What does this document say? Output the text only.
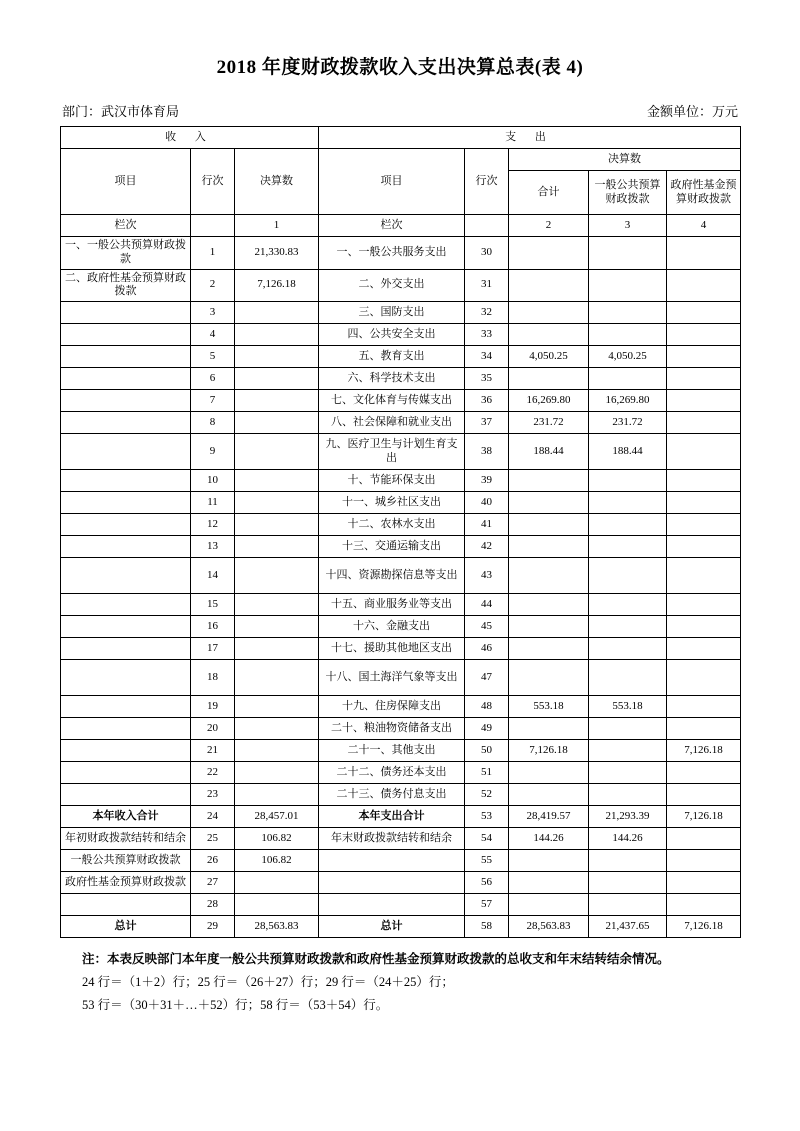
2018 年度财政拨款收入支出决算总表(表 4)
部门：武汉市体育局	金额单位：万元
收 入			支 出				
项目	行次	决算数	项目	行次	决算数		
					合计	一般公共预算财政拨款	政府性基金预算财政拨款
栏次		1	栏次		2	3	4
一、一般公共预算财政拨款	1	21,330.83	一、一般公共服务支出	30			
二、政府性基金预算财政拨款	2	7,126.18	二、外交支出	31			
	3		三、国防支出	32			
	4		四、公共安全支出	33			
	5		五、教育支出	34	4,050.25	4,050.25	
	6		六、科学技术支出	35			
	7		七、文化体育与传媒支出	36	16,269.80	16,269.80	
	8		八、社会保障和就业支出	37	231.72	231.72	
	9		九、医疗卫生与计划生育支出	38	188.44	188.44	
	10		十、节能环保支出	39			
	11		十一、城乡社区支出	40			
	12		十二、农林水支出	41			
	13		十三、交通运输支出	42			
	14		十四、资源勘探信息等支出	43			
	15		十五、商业服务业等支出	44			
	16		十六、金融支出	45			
	17		十七、援助其他地区支出	46			
	18		十八、国土海洋气象等支出	47			
	19		十九、住房保障支出	48	553.18	553.18	
	20		二十、粮油物资储备支出	49			
	21		二十一、其他支出	50	7,126.18		7,126.18
	22		二十二、债务还本支出	51			
	23		二十三、债务付息支出	52			
本年收入合计	24	28,457.01	本年支出合计	53	28,419.57	21,293.39	7,126.18
年初财政拨款结转和结余	25	106.82	年末财政拨款结转和结余	54	144.26	144.26	
一般公共预算财政拨款	26	106.82		55			
政府性基金预算财政拨款	27			56			
	28			57			
总计	29	28,563.83	总计	58	28,563.83	21,437.65	7,126.18
注：本表反映部门本年度一般公共预算财政拨款和政府性基金预算财政拨款的总收支和年末结转结余情况。
24 行＝（1＋2）行；25 行＝（26＋27）行；29 行＝（24＋25）行；
53 行＝（30＋31＋…＋52）行；58 行＝（53＋54）行。
